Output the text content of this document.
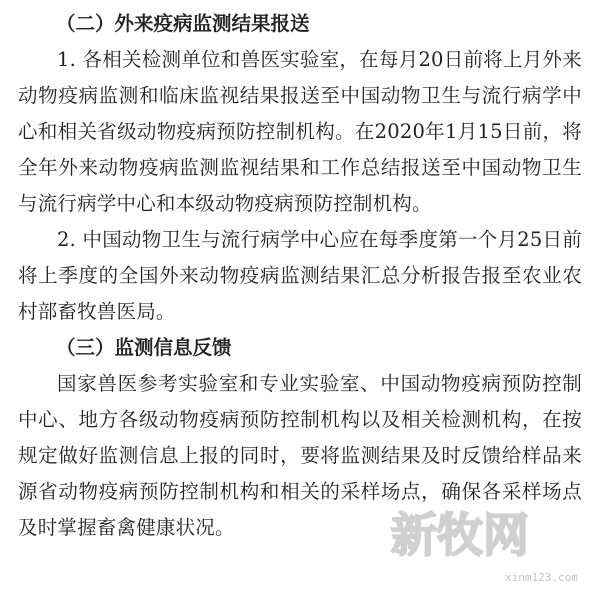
（二）外来疫病监测结果报送

1. 各相关检测单位和兽医实验室，在每月20日前将上月外来动物疫病监测和临床监视结果报送至中国动物卫生与流行病学中心和相关省级动物疫病预防控制机构。在2020年1月15日前，将全年外来动物疫病监测监视结果和工作总结报送至中国动物卫生与流行病学中心和本级动物疫病预防控制机构。

2. 中国动物卫生与流行病学中心应在每季度第一个月25日前将上季度的全国外来动物疫病监测结果汇总分析报告报至农业农村部畜牧兽医局。

（三）监测信息反馈

国家兽医参考实验室和专业实验室、中国动物疫病预防控制中心、地方各级动物疫病预防控制机构以及相关检测机构，在按规定做好监测信息上报的同时，要将监测结果及时反馈给样品来源省动物疫病预防控制机构和相关的采样场点，确保各采样场点及时掌握畜禽健康状况。	新牧网
xinm123.com
